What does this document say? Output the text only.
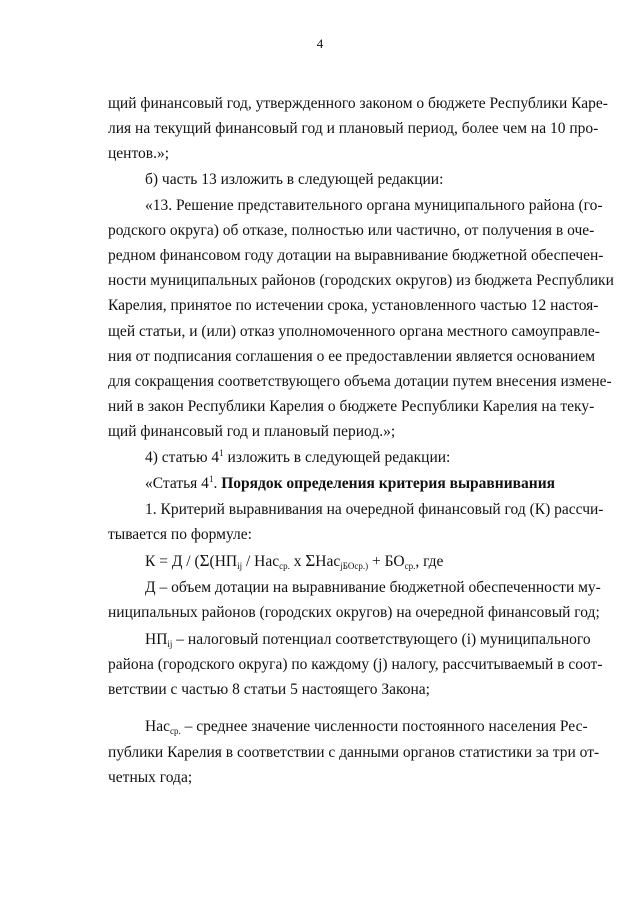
4
щий финансовый год, утвержденного законом о бюджете Республики Каре-
лия на текущий финансовый год и плановый период, более чем на 10 про-
центов.»;
б) часть 13 изложить в следующей редакции:
«13. Решение представительного органа муниципального района (го-
родского округа) об отказе, полностью или частично, от получения в оче-
редном финансовом году дотации на выравнивание бюджетной обеспечен-
ности муниципальных районов (городских округов) из бюджета Республики
Карелия, принятое по истечении срока, установленного частью 12 настоя-
щей статьи, и (или) отказ уполномоченного органа местного самоуправле-
ния от подписания соглашения о ее предоставлении является основанием
для сокращения соответствующего объема дотации путем внесения измене-
ний в закон Республики Карелия о бюджете Республики Карелия на теку-
щий финансовый год и плановый период.»;
4) статью $4^1$ изложить в следующей редакции:
«Статья $4^1$. Порядок определения критерия выравнивания
1. Критерий выравнивания на очередной финансовый год (К) рассчи-
тывается по формуле:
$К = Д / (\Sigma(НП_{ij} / Нас_{ср.}$ х $\Sigma Нас_{jБОср.)} + БО_{ср.}$, где
Д – объем дотации на выравнивание бюджетной обеспеченности му-
ниципальных районов (городских округов) на очередной финансовый год;
$НП_{ij}$ – налоговый потенциал соответствующего (i) муниципального
района (городского округа) по каждому (j) налогу, рассчитываемый в соот-
ветствии с частью 8 статьи 5 настоящего Закона;
Нас$_{ср.}$ – среднее значение численности постоянного населения Рес-
публики Карелия в соответствии с данными органов статистики за три от-
четных года;
